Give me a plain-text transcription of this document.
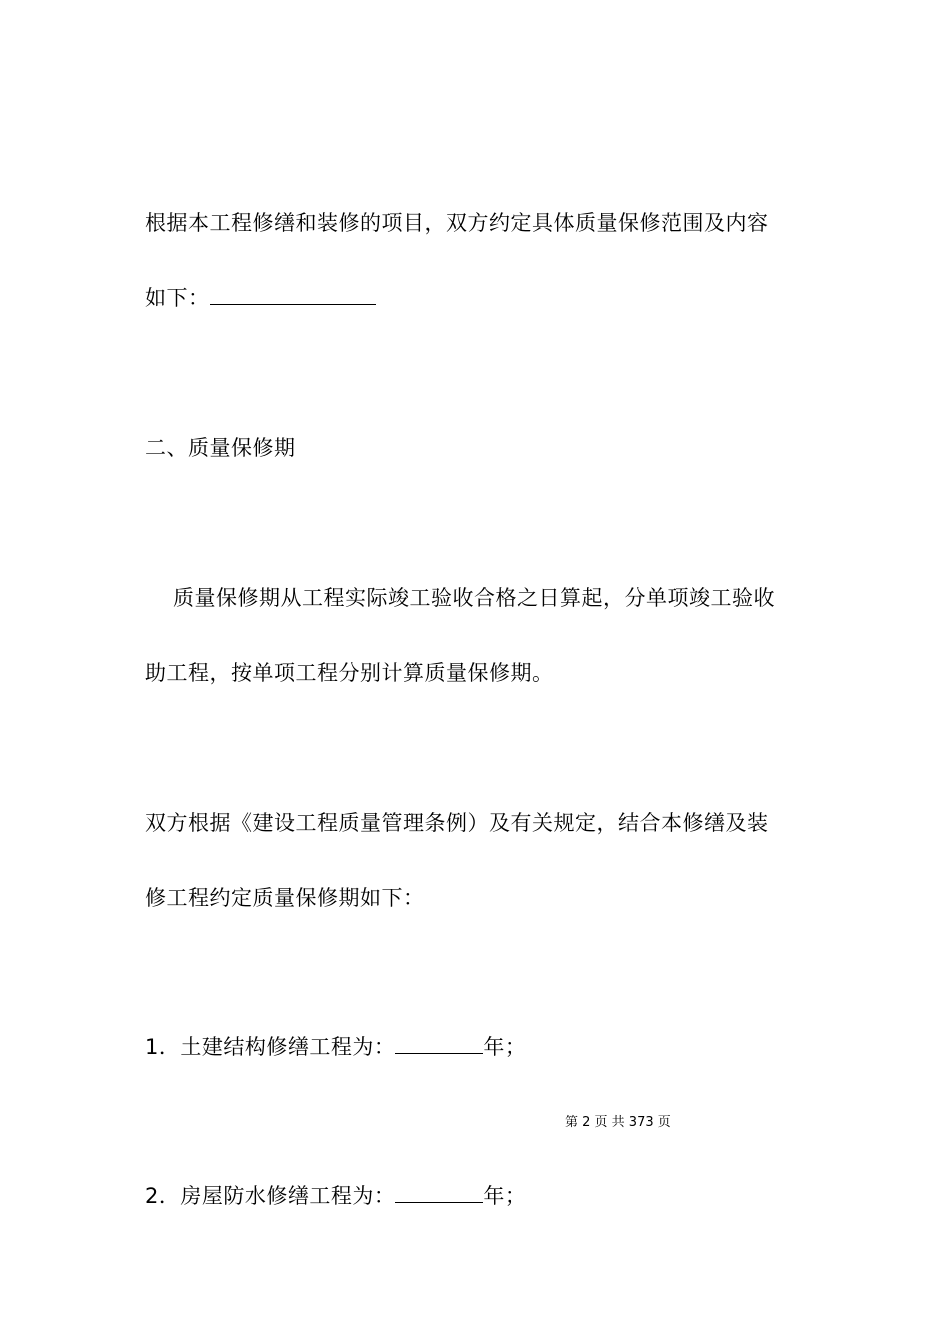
根据本工程修缮和装修的项目，双方约定具体质量保修范围及内容
如下：
二、质量保修期
质量保修期从工程实际竣工验收合格之日算起，分单项竣工验收
助工程，按单项工程分别计算质量保修期。
双方根据《建设工程质量管理条例）及有关规定，结合本修缮及装
修工程约定质量保修期如下：
1．土建结构修缮工程为：	年；
第 2 页 共 373 页
2．房屋防水修缮工程为：	年；
